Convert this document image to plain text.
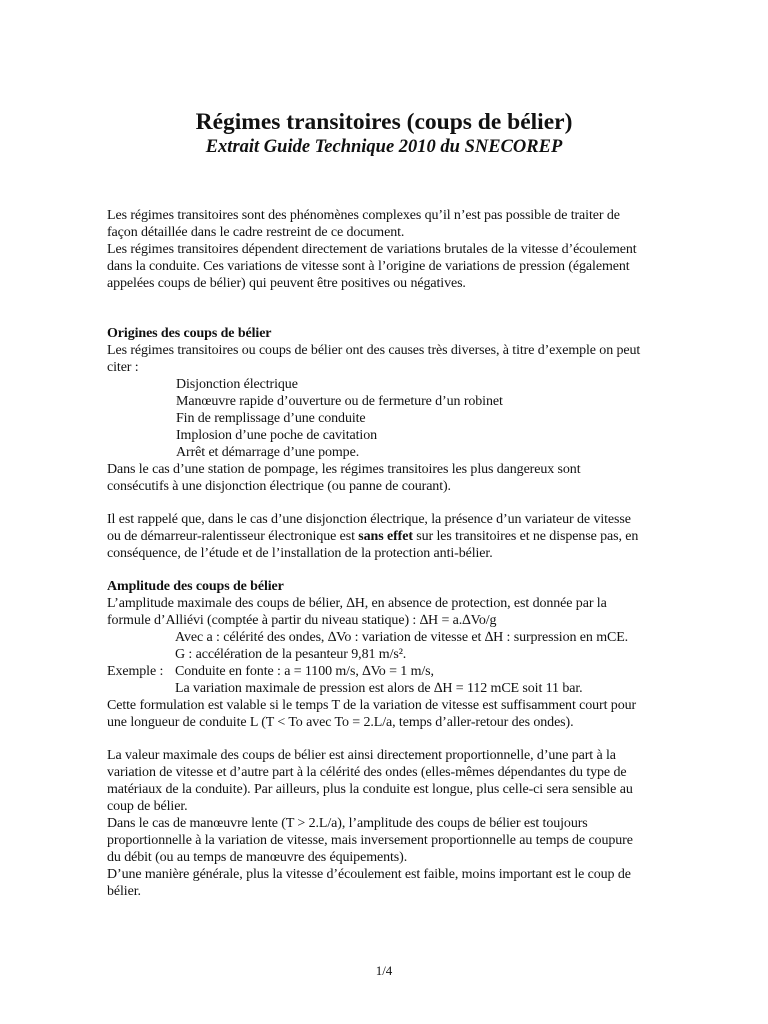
Régimes transitoires (coups de bélier)
Extrait Guide Technique 2010 du SNECOREP
Les régimes transitoires sont des phénomènes complexes qu’il n’est pas possible de traiter de
façon détaillée dans le cadre restreint de ce document.
Les régimes transitoires dépendent directement de variations brutales de la vitesse d’écoulement
dans la conduite. Ces variations de vitesse sont à l’origine de variations de pression (également
appelées coups de bélier) qui peuvent être positives ou négatives.
Origines des coups de bélier
Les régimes transitoires ou coups de bélier ont des causes très diverses, à titre d’exemple on peut
citer :
Disjonction électrique
Manœuvre rapide d’ouverture ou de fermeture d’un robinet
Fin de remplissage d’une conduite
Implosion d’une poche de cavitation
Arrêt et démarrage d’une pompe.
Dans le cas d’une station de pompage, les régimes transitoires les plus dangereux sont
consécutifs à une disjonction électrique (ou panne de courant).
Il est rappelé que, dans le cas d’une disjonction électrique, la présence d’un variateur de vitesse
ou de démarreur-ralentisseur électronique est sans effet sur les transitoires et ne dispense pas, en
conséquence, de l’étude et de l’installation de la protection anti-bélier.
Amplitude des coups de bélier
L’amplitude maximale des coups de bélier, ∆H, en absence de protection, est donnée par la
formule d’Alliévi (comptée à partir du niveau statique) : ∆H = a.∆Vo/g
Avec a : célérité des ondes, ∆Vo : variation de vitesse et ∆H : surpression en mCE.
G : accélération de la pesanteur 9,81 m/s².
Exemple : Conduite en fonte : a = 1100 m/s, ∆Vo = 1 m/s,
La variation maximale de pression est alors de ∆H = 112 mCE soit 11 bar.
Cette formulation est valable si le temps T de la variation de vitesse est suffisamment court pour
une longueur de conduite L (T < To avec To = 2.L/a, temps d’aller-retour des ondes).
La valeur maximale des coups de bélier est ainsi directement proportionnelle, d’une part à la
variation de vitesse et d’autre part à la célérité des ondes (elles-mêmes dépendantes du type de
matériaux de la conduite). Par ailleurs, plus la conduite est longue, plus celle-ci sera sensible au
coup de bélier.
Dans le cas de manœuvre lente (T > 2.L/a), l’amplitude des coups de bélier est toujours
proportionnelle à la variation de vitesse, mais inversement proportionnelle au temps de coupure
du débit (ou au temps de manœuvre des équipements).
D’une manière générale, plus la vitesse d’écoulement est faible, moins important est le coup de
bélier.
1/4
